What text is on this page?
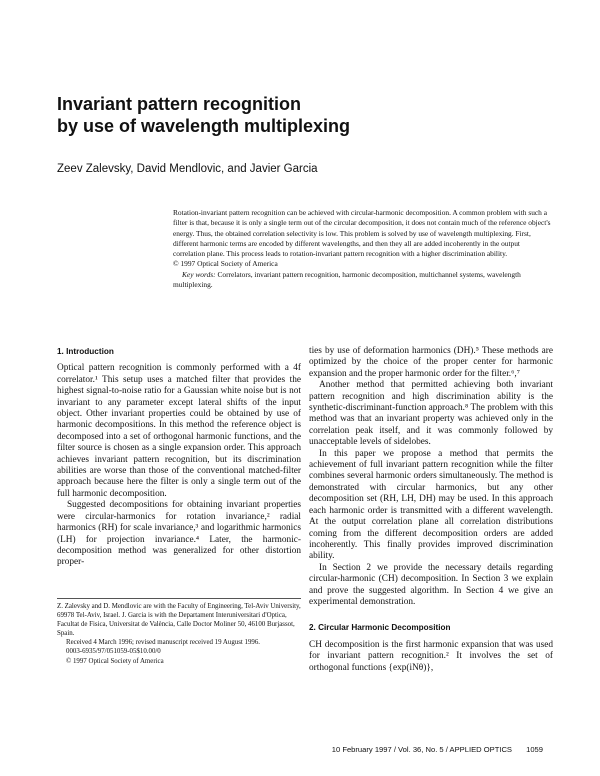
Invariant pattern recognition
by use of wavelength multiplexing
Zeev Zalevsky, David Mendlovic, and Javier Garcia

Rotation-invariant pattern recognition can be achieved with circular-harmonic decomposition. A common problem with such a filter is that, because it is only a single term out of the circular decomposition, it does not contain much of the reference object's energy. Thus, the obtained correlation selectivity is low. This problem is solved by use of wavelength multiplexing. First, different harmonic terms are encoded by different wavelengths, and then they all are added incoherently in the output correlation plane. This process leads to rotation-invariant pattern recognition with a higher discrimination ability.

© 1997 Optical Society of America

Key words: Correlators, invariant pattern recognition, harmonic decomposition, multichannel systems, wavelength multiplexing.

1. Introduction

Optical pattern recognition is commonly performed with a 4f correlator.¹ This setup uses a matched filter that provides the highest signal-to-noise ratio for a Gaussian white noise but is not invariant to any parameter except lateral shifts of the input object. Other invariant properties could be obtained by use of harmonic decompositions. In this method the reference object is decomposed into a set of orthogonal harmonic functions, and the filter source is chosen as a single expansion order. This approach achieves invariant pattern recognition, but its discrimination abilities are worse than those of the conventional matched-filter approach because here the filter is only a single term out of the full harmonic decomposition.

Suggested decompositions for obtaining invariant properties were circular-harmonics for rotation invariance,² radial harmonics (RH) for scale invariance,³ and logarithmic harmonics (LH) for projection invariance.⁴ Later, the harmonic-decomposition method was generalized for other distortion proper-

ties by use of deformation harmonics (DH).⁵ These methods are optimized by the choice of the proper center for harmonic expansion and the proper harmonic order for the filter.⁶,⁷

Another method that permitted achieving both invariant pattern recognition and high discrimination ability is the synthetic-discriminant-function approach.⁸ The problem with this method was that an invariant property was achieved only in the correlation peak itself, and it was commonly followed by unacceptable levels of sidelobes.

In this paper we propose a method that permits the achievement of full invariant pattern recognition while the filter combines several harmonic orders simultaneously. The method is demonstrated with circular harmonics, but any other decomposition set (RH, LH, DH) may be used. In this approach each harmonic order is transmitted with a different wavelength. At the output correlation plane all correlation distributions coming from the different decomposition orders are added incoherently. This finally provides improved discrimination ability.

In Section 2 we provide the necessary details regarding circular-harmonic (CH) decomposition. In Section 3 we explain and prove the suggested algorithm. In Section 4 we give an experimental demonstration.

2. Circular Harmonic Decomposition

CH decomposition is the first harmonic expansion that was used for invariant pattern recognition.² It involves the set of orthogonal functions {exp(iNθ)},

Z. Zalevsky and D. Mendlovic are with the Faculty of Engineering, Tel-Aviv University, 69978 Tel-Aviv, Israel. J. Garcia is with the Departament Interuniversitari d'Optica, Facultat de Fisica, Universitat de València, Calle Doctor Moliner 50, 46100 Burjassot, Spain.

Received 4 March 1996; revised manuscript received 19 August 1996.

0003-6935/97/051059-05$10.00/0

© 1997 Optical Society of America

10 February 1997 / Vol. 36, No. 5 / APPLIED OPTICS 1059
